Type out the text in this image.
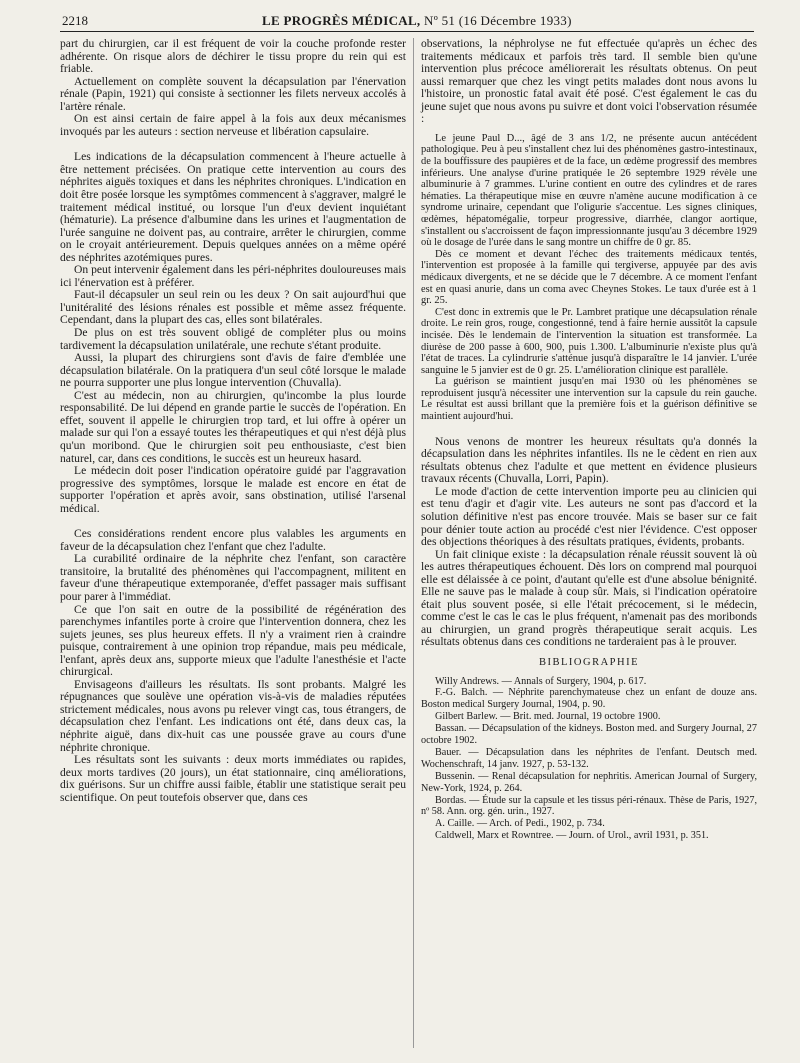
2218	LE PROGRÈS MÉDICAL, Nº 51 (16 Décembre 1933)

part du chirurgien, car il est fréquent de voir la couche profonde rester adhérente. On risque alors de déchirer le tissu propre du rein qui est friable.

Actuellement on complète souvent la décapsulation par l'énervation rénale (Papin, 1921) qui consiste à sectionner les filets nerveux accolés à l'artère rénale.

On est ainsi certain de faire appel à la fois aux deux mécanismes invoqués par les auteurs : section nerveuse et libération capsulaire.

Les indications de la décapsulation commencent à l'heure actuelle à être nettement précisées. On pratique cette intervention au cours des néphrites aiguës toxiques et dans les néphrites chroniques. L'indication en doit être posée lorsque les symptômes commencent à s'aggraver, malgré le traitement médical institué, ou lorsque l'un d'eux devient inquiétant (hématurie). La présence d'albumine dans les urines et l'augmentation de l'urée sanguine ne doivent pas, au contraire, arrêter le chirurgien, comme on le croyait antérieurement. Depuis quelques années on a même opéré des néphrites azotémiques pures.

On peut intervenir également dans les péri-néphrites douloureuses mais ici l'énervation est à préférer.

Faut-il décapsuler un seul rein ou les deux ? On sait aujourd'hui que l'unitéralité des lésions rénales est possible et même assez fréquente. Cependant, dans la plupart des cas, elles sont bilatérales.

De plus on est très souvent obligé de compléter plus ou moins tardivement la décapsulation unilatérale, une rechute s'étant produite.

Aussi, la plupart des chirurgiens sont d'avis de faire d'emblée une décapsulation bilatérale. On la pratiquera d'un seul côté lorsque le malade ne pourra supporter une plus longue intervention (Chuvalla).

C'est au médecin, non au chirurgien, qu'incombe la plus lourde responsabilité. De lui dépend en grande partie le succès de l'opération. En effet, souvent il appelle le chirurgien trop tard, et lui offre à opérer un malade sur qui l'on a essayé toutes les thérapeutiques et qui n'est déjà plus qu'un moribond. Que le chirurgien soit peu enthousiaste, c'est bien naturel, car, dans ces conditions, le succès est un heureux hasard.

Le médecin doit poser l'indication opératoire guidé par l'aggravation progressive des symptômes, lorsque le malade est encore en état de supporter l'opération et après avoir, sans obstination, utilisé l'arsenal médical.

Ces considérations rendent encore plus valables les arguments en faveur de la décapsulation chez l'enfant que chez l'adulte.

La curabilité ordinaire de la néphrite chez l'enfant, son caractère transitoire, la brutalité des phénomènes qui l'accompagnent, militent en faveur d'une thérapeutique extemporanée, d'effet passager mais suffisant pour parer à l'immédiat.

Ce que l'on sait en outre de la possibilité de régénération des parenchymes infantiles porte à croire que l'intervention donnera, chez les sujets jeunes, ses plus heureux effets. Il n'y a vraiment rien à craindre puisque, contrairement à une opinion trop répandue, mais peu médicale, l'enfant, après deux ans, supporte mieux que l'adulte l'anesthésie et l'acte chirurgical.

Envisageons d'ailleurs les résultats. Ils sont probants. Malgré les répugnances que soulève une opération vis-à-vis de maladies réputées strictement médicales, nous avons pu relever vingt cas, tous étrangers, de décapsulation chez l'enfant. Les indications ont été, dans deux cas, la néphrite aiguë, dans dix-huit cas une poussée grave au cours d'une néphrite chronique.

Les résultats sont les suivants : deux morts immédiates ou rapides, deux morts tardives (20 jours), un état stationnaire, cinq améliorations, dix guérisons. Sur un chiffre aussi faible, établir une statistique serait peu scientifique. On peut toutefois observer que, dans ces

observations, la néphrolyse ne fut effectuée qu'après un échec des traitements médicaux et parfois très tard. Il semble bien qu'une intervention plus précoce améliorerait les résultats obtenus. On peut aussi remarquer que chez les vingt petits malades dont nous avons lu l'histoire, un pronostic fatal avait été posé. C'est également le cas du jeune sujet que nous avons pu suivre et dont voici l'observation résumée :

Le jeune Paul D..., âgé de 3 ans 1/2, ne présente aucun antécédent pathologique. Peu à peu s'installent chez lui des phénomènes gastro-intestinaux, de la bouffissure des paupières et de la face, un œdème progressif des membres inférieurs. Une analyse d'urine pratiquée le 26 septembre 1929 révèle une albuminurie à 7 grammes. L'urine contient en outre des cylindres et de rares hématies. La thérapeutique mise en œuvre n'amène aucune modification à ce syndrome urinaire, cependant que l'oligurie s'accentue. Les signes cliniques, œdèmes, hépatomégalie, torpeur progressive, diarrhée, clangor aortique, s'installent ou s'accroissent de façon impressionnante jusqu'au 3 décembre 1929 où le dosage de l'urée dans le sang montre un chiffre de 0 gr. 85.

Dès ce moment et devant l'échec des traitements médicaux tentés, l'intervention est proposée à la famille qui tergiverse, appuyée par des avis médicaux divergents, et ne se décide que le 7 décembre. A ce moment l'enfant est en quasi anurie, dans un coma avec Cheynes Stokes. Le taux d'urée est à 1 gr. 25.

C'est donc in extremis que le Pr. Lambret pratique une décapsulation rénale droite. Le rein gros, rouge, congestionné, tend à faire hernie aussitôt la capsule incisée. Dès le lendemain de l'intervention la situation est transformée. La diurèse de 200 passe à 600, 900, puis 1.300. L'albuminurie n'existe plus qu'à l'état de traces. La cylindrurie s'atténue jusqu'à disparaître le 14 janvier. L'urée sanguine le 5 janvier est de 0 gr. 25. L'amélioration clinique est parallèle.

La guérison se maintient jusqu'en mai 1930 où les phénomènes se reproduisent jusqu'à nécessiter une intervention sur la capsule du rein gauche. Le résultat est aussi brillant que la première fois et la guérison définitive se maintient aujourd'hui.

Nous venons de montrer les heureux résultats qu'a donnés la décapsulation dans les néphrites infantiles. Ils ne le cèdent en rien aux résultats obtenus chez l'adulte et que mettent en évidence plusieurs travaux récents (Chuvalla, Lorri, Papin).

Le mode d'action de cette intervention importe peu au clinicien qui est tenu d'agir et d'agir vite. Les auteurs ne sont pas d'accord et la solution définitive n'est pas encore trouvée. Mais se baser sur ce fait pour dénier toute action au procédé c'est nier l'évidence. C'est opposer des objections théoriques à des résultats pratiques, évidents, probants.

Un fait clinique existe : la décapsulation rénale réussit souvent là où les autres thérapeutiques échouent. Dès lors on comprend mal pourquoi elle est délaissée à ce point, d'autant qu'elle est d'une absolue bénignité. Elle ne sauve pas le malade à coup sûr. Mais, si l'indication opératoire était plus souvent posée, si elle l'était précocement, si le médecin, comme c'est le cas le cas le plus fréquent, n'amenait pas des moribonds au chirurgien, un grand progrès thérapeutique serait acquis. Les résultats obtenus dans ces conditions ne tarderaient pas à le prouver.

BIBLIOGRAPHIE

Willy Andrews. — Annals of Surgery, 1904, p. 617.

F.-G. Balch. — Néphrite parenchymateuse chez un enfant de douze ans. Boston medical Surgery Journal, 1904, p. 90.

Gilbert Barlew. — Brit. med. Journal, 19 octobre 1900.

Bassan. — Décapsulation of the kidneys. Boston med. and Surgery Journal, 27 octobre 1902.

Bauer. — Décapsulation dans les néphrites de l'enfant. Deutsch med. Wochenschraft, 14 janv. 1927, p. 53-132.

Bussenin. — Renal décapsulation for nephritis. American Journal of Surgery, New-York, 1924, p. 264.

Bordas. — Étude sur la capsule et les tissus péri-rénaux. Thèse de Paris, 1927, nº 58. Ann. org. gén. urin., 1927.

A. Caille. — Arch. of Pedi., 1902, p. 734.

Caldwell, Marx et Rowntree. — Journ. of Urol., avril 1931, p. 351.
